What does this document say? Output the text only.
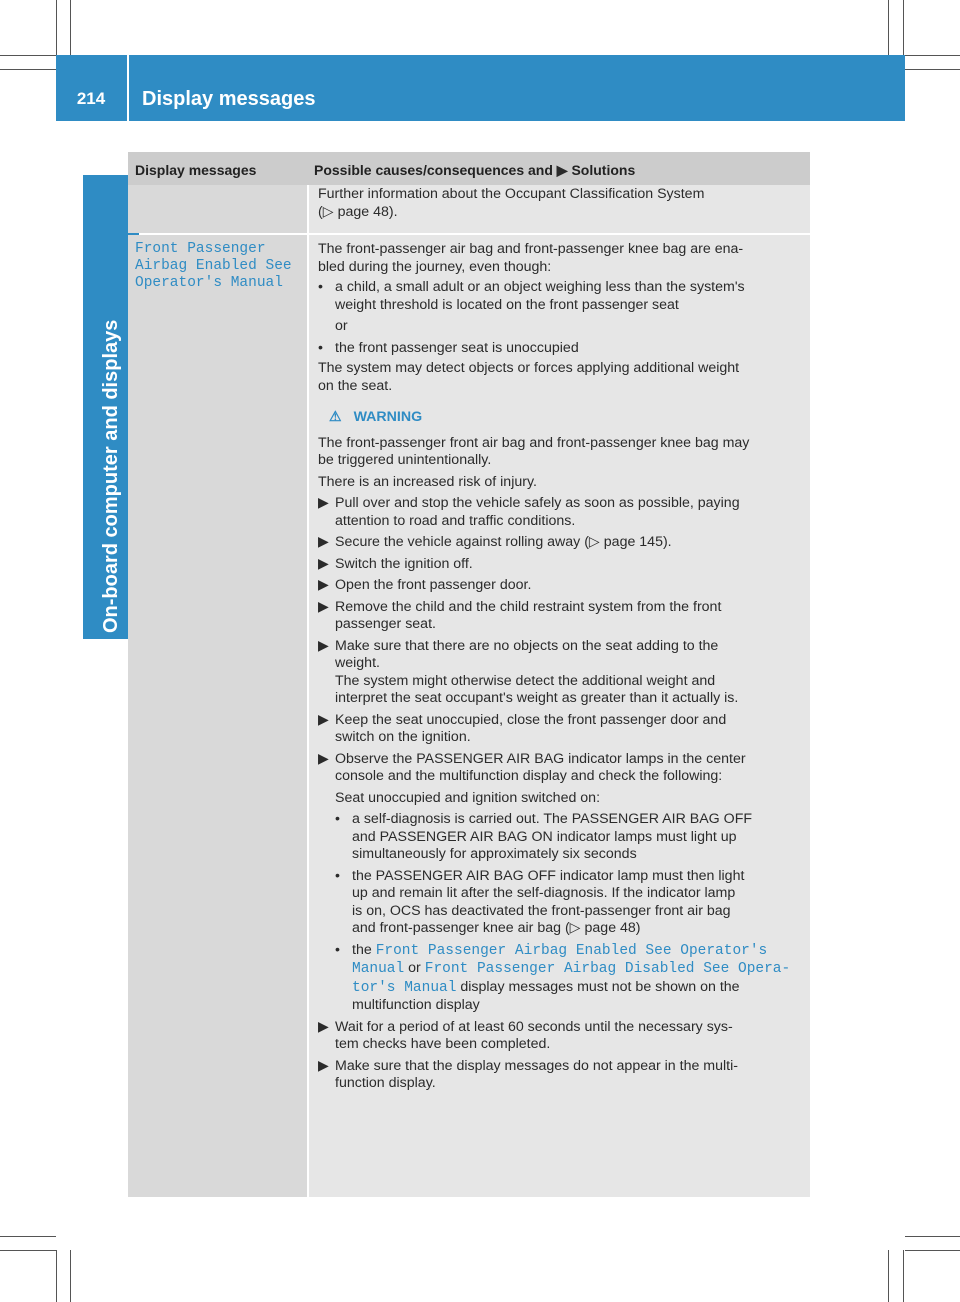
214	Display messages
On-board computer and displays
Display messages	Possible causes/consequences and ▶ Solutions

Further information about the Occupant Classification System

(▷ page 48).

Front Passenger
Airbag Enabled See
Operator's Manual

The front-passenger air bag and front-passenger knee bag are ena-

bled during the journey, even though:

• a child, a small adult or an object weighing less than the system's
weight threshold is located on the front passenger seat

or

• the front passenger seat is unoccupied

The system may detect objects or forces applying additional weight

on the seat.

⚠ WARNING

The front-passenger front air bag and front-passenger knee bag may

be triggered unintentionally.

There is an increased risk of injury.

▶ Pull over and stop the vehicle safely as soon as possible, paying
attention to road and traffic conditions.
▶ Secure the vehicle against rolling away (▷ page 145).
▶ Switch the ignition off.
▶ Open the front passenger door.
▶ Remove the child and the child restraint system from the front
passenger seat.
▶ Make sure that there are no objects on the seat adding to the
weight.
The system might otherwise detect the additional weight and
interpret the seat occupant's weight as greater than it actually is.
▶ Keep the seat unoccupied, close the front passenger door and
switch on the ignition.
▶ Observe the PASSENGER AIR BAG indicator lamps in the center
console and the multifunction display and check the following:

Seat unoccupied and ignition switched on:

• a self-diagnosis is carried out. The PASSENGER AIR BAG OFF
and PASSENGER AIR BAG ON indicator lamps must light up
simultaneously for approximately six seconds
• the PASSENGER AIR BAG OFF indicator lamp must then light
up and remain lit after the self-diagnosis. If the indicator lamp
is on, OCS has deactivated the front-passenger front air bag
and front-passenger knee air bag (▷ page 48)
• the Front Passenger Airbag Enabled See Operator's
Manual or Front Passenger Airbag Disabled See Opera‐
tor's Manual display messages must not be shown on the
multifunction display
▶ Wait for a period of at least 60 seconds until the necessary sys-
tem checks have been completed.
▶ Make sure that the display messages do not appear in the multi-
function display.
